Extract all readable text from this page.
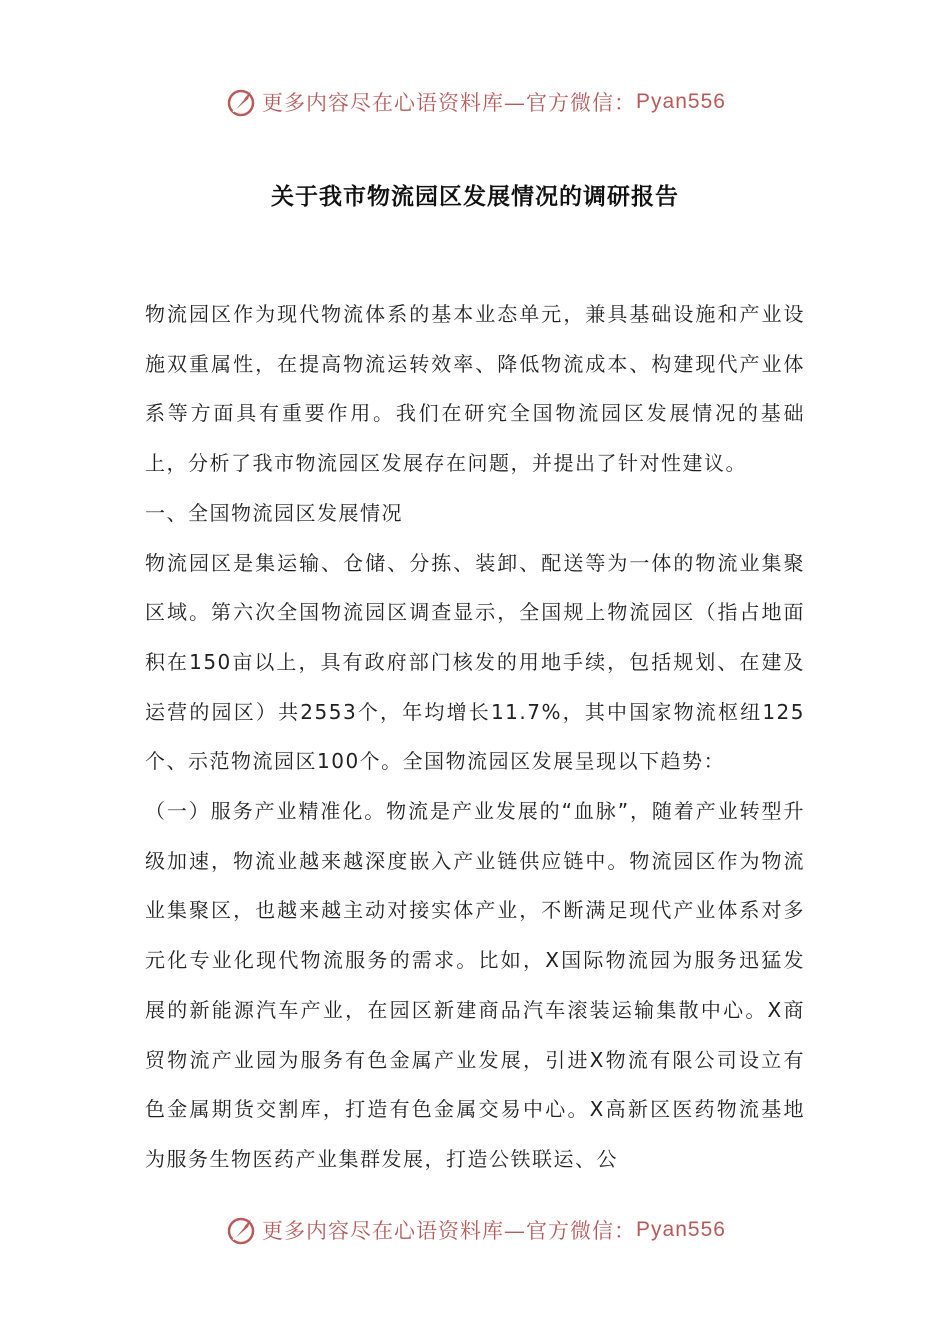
更多内容尽在心语资料库—官方微信： Pyan556
关于我市物流园区发展情况的调研报告

物流园区作为现代物流体系的基本业态单元，兼具基础设施和产业设施双重属性，在提高物流运转效率、降低物流成本、构建现代产业体系等方面具有重要作用。我们在研究全国物流园区发展情况的基础上，分析了我市物流园区发展存在问题，并提出了针对性建议。

一、全国物流园区发展情况

物流园区是集运输、仓储、分拣、装卸、配送等为一体的物流业集聚区域。第六次全国物流园区调查显示，全国规上物流园区（指占地面积在150亩以上，具有政府部门核发的用地手续，包括规划、在建及运营的园区）共2553个，年均增长11.7%，其中国家物流枢纽125个、示范物流园区100个。全国物流园区发展呈现以下趋势：

（一）服务产业精准化。物流是产业发展的“血脉”，随着产业转型升级加速，物流业越来越深度嵌入产业链供应链中。物流园区作为物流业集聚区，也越来越主动对接实体产业，不断满足现代产业体系对多元化专业化现代物流服务的需求。比如，X国际物流园为服务迅猛发展的新能源汽车产业，在园区新建商品汽车滚装运输集散中心。X商贸物流产业园为服务有色金属产业发展，引进X物流有限公司设立有色金属期货交割库，打造有色金属交易中心。X高新区医药物流基地为服务生物医药产业集群发展，打造公铁联运、公

更多内容尽在心语资料库—官方微信： Pyan556
